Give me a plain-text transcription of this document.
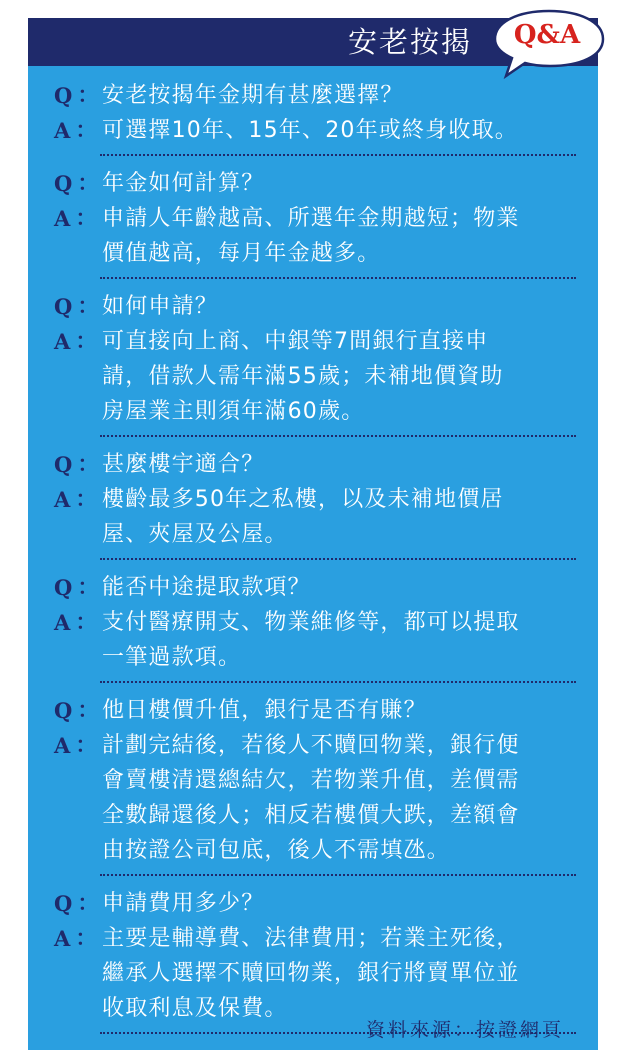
安老按揭	Q&A
Q ： 安老按揭年金期有甚麼選擇？
A ： 可選擇10年、15年、20年或終身收取。
Q ： 年金如何計算？
A ： 申請人年齡越高、所選年金期越短；物業
價值越高，每月年金越多。
Q ： 如何申請？
A ： 可直接向上商、中銀等7間銀行直接申
請，借款人需年滿55歲；未補地價資助
房屋業主則須年滿60歲。
Q ： 甚麼樓宇適合？
A ： 樓齡最多50年之私樓，以及未補地價居
屋、夾屋及公屋。
Q ： 能否中途提取款項？
A ： 支付醫療開支、物業維修等，都可以提取
一筆過款項。
Q ： 他日樓價升值，銀行是否有賺？
A ： 計劃完結後，若後人不贖回物業，銀行便
會賣樓清還總結欠，若物業升值，差價需
全數歸還後人；相反若樓價大跌，差額會
由按證公司包底，後人不需填氹。
Q ： 申請費用多少？
A ： 主要是輔導費、法律費用；若業主死後，
繼承人選擇不贖回物業，銀行將賣單位並
收取利息及保費。
資料來源：按證網頁
